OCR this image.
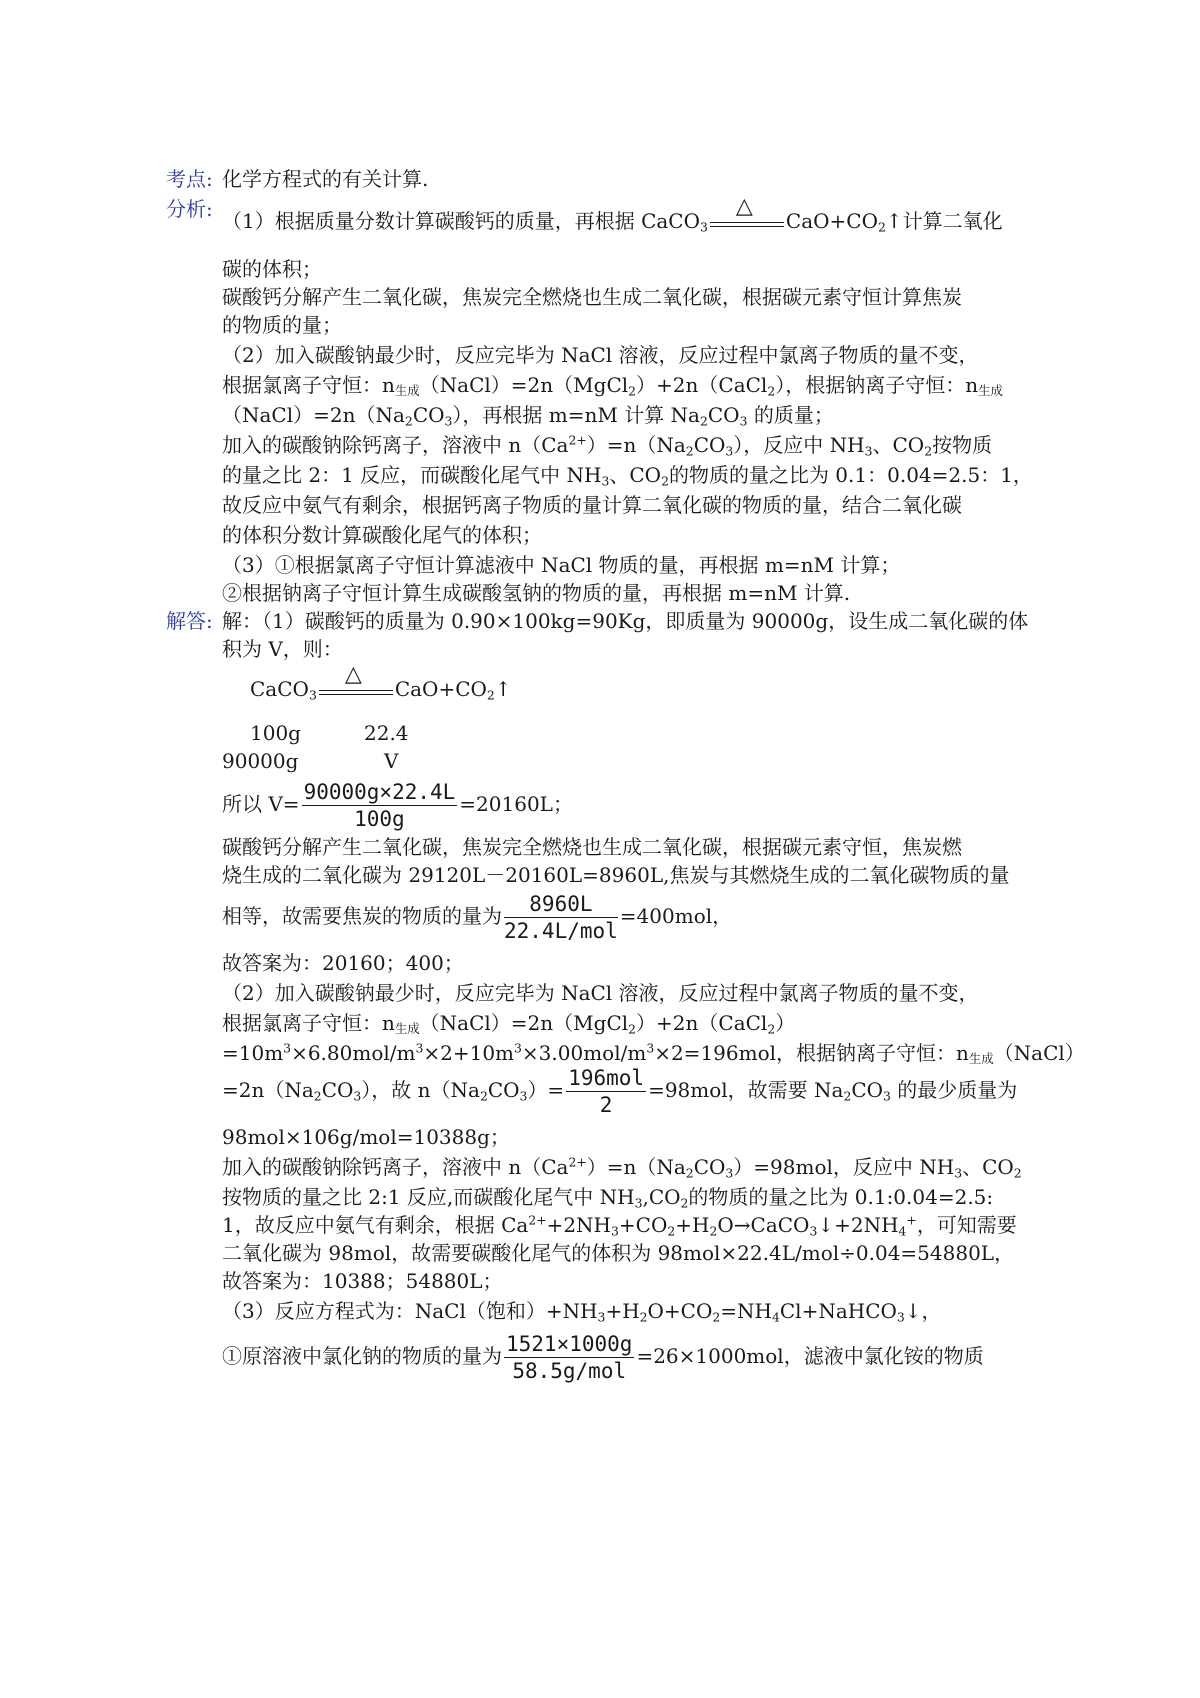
考点: 化学方程式的有关计算.
分析: （1）根据质量分数计算碳酸钙的质量，再根据 CaCO$_3$
△
$CaO+CO_2↑$计算二氧化
碳的体积；
碳酸钙分解产生二氧化碳，焦炭完全燃烧也生成二氧化碳，根据碳元素守恒计算焦炭
的物质的量；
（2）加入碳酸钠最少时，反应完毕为 NaCl 溶液，反应过程中氯离子物质的量不变，
根据氯离子守恒：n生成（NaCl）=2n（MgCl$_2$）+2n（CaCl$_2$），根据钠离子守恒：n生成
$(NaCl)=2n(Na_2CO_3)$，再根据 m=nM 计算 $Na_2CO_3$ 的质量；
加入的碳酸钠除钙离子，溶液中 $n(Ca^{2+})=n(Na_2CO_3)$，反应中 $NH_3$、$CO_2$按物质
的量之比 2：1 反应，而碳酸化尾气中 $NH_3$、$CO_2$的物质的量之比为 0.1：0.04=2.5：1，
故反应中氨气有剩余，根据钙离子物质的量计算二氧化碳的物质的量，结合二氧化碳
的体积分数计算碳酸化尾气的体积；
（3）①根据氯离子守恒计算滤液中 NaCl 物质的量，再根据 m=nM 计算；
②根据钠离子守恒计算生成碳酸氢钠的物质的量，再根据 m=nM 计算.
解答: 解：（1）碳酸钙的质量为 0.90×100kg=90Kg，即质量为 90000g，设生成二氧化碳的体
积为 V，则：
CaCO$_3$
△
$CaO+CO_2↑$
100g	22.4
90000g	V
所以 $V= \frac{90000g\times 22.4L}{100g} =20160L$；
碳酸钙分解产生二氧化碳，焦炭完全燃烧也生成二氧化碳，根据碳元素守恒，焦炭燃
烧生成的二氧化碳为 29120L－20160L=8960L,焦炭与其燃烧生成的二氧化碳物质的量
相等，故需要焦炭的物质的量为 $\frac{8960L}{\text{22.4L/mol}} =400mol$，
故答案为：20160；400；
（2）加入碳酸钠最少时，反应完毕为 NaCl 溶液，反应过程中氯离子物质的量不变，
根据氯离子守恒：n生成（NaCl）=2n（MgCl$_2$）+2n（CaCl$_2$）
$=10m^3\times 6.80mol/m^3\times 2+10m^3\times 3.00mol/m^3\times 2=196mol$，根据钠离子守恒：n生成（NaCl）
$=2n(Na_2CO_3)$，故 $n(Na_2CO_3)= \frac{\text{196mol}}{2} =98mol$，故需要 $Na_2CO_3$ 的最少质量为
98mol×106g/mol=10388g；
加入的碳酸钠除钙离子，溶液中 $n(Ca^{2+})=n(Na_2CO_3)=98mol$，反应中 $NH_3$、$CO_2$
按物质的量之比 2:1 反应,而碳酸化尾气中 $NH_3,CO_2$的物质的量之比为 0.1:0.04=2.5:
1，故反应中氨气有剩余，根据 $Ca^{2+}+2NH_3+CO_2+H_2O\to CaCO_3↓+2NH_4^+$，可知需要
二氧化碳为 98mol，故需要碳酸化尾气的体积为 98mol×22.4L/mol÷0.04=54880L，
故答案为：10388；54880L；
（3）反应方程式为：NaCl（饱和）$+NH_3+H_2O+CO_2=NH_4Cl+NaHCO_3↓$，
①原溶液中氯化钠的物质的量为 $\frac{1521\times 1000g}{\text{58.5g/mol}} =26\times 1000mol$，滤液中氯化铵的物质
